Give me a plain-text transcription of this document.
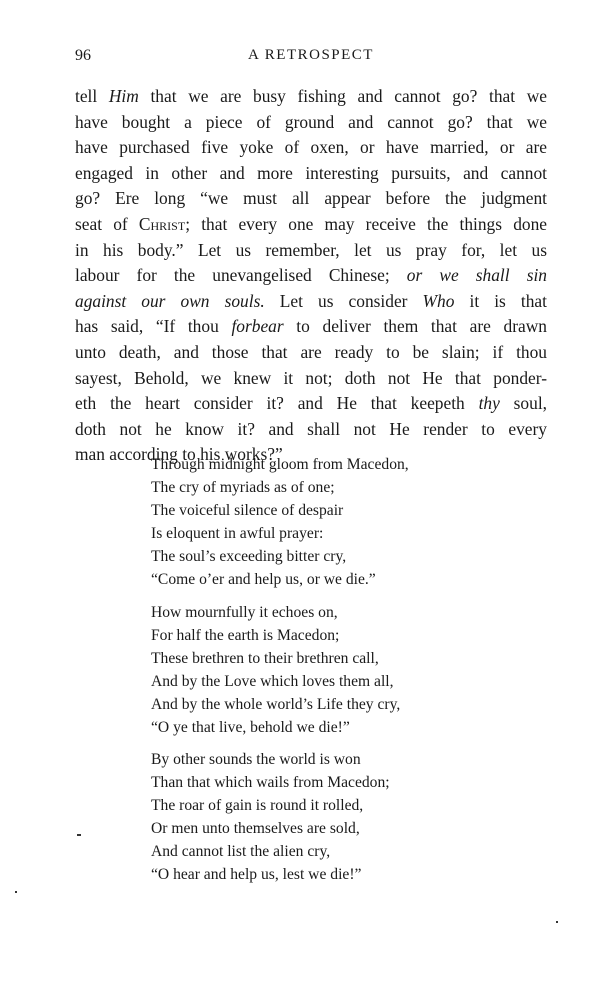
96	A RETROSPECT
tell Him that we are busy fishing and cannot go? that we
have bought a piece of ground and cannot go? that we
have purchased five yoke of oxen, or have married, or are
engaged in other and more interesting pursuits, and cannot
go? Ere long “we must all appear before the judgment
seat of Christ; that every one may receive the things done
in his body.” Let us remember, let us pray for, let us
labour for the unevangelised Chinese; or we shall sin
against our own souls. Let us consider Who it is that
has said, “If thou forbear to deliver them that are drawn
unto death, and those that are ready to be slain; if thou
sayest, Behold, we knew it not; doth not He that ponder-
eth the heart consider it? and He that keepeth thy soul,
doth not he know it? and shall not He render to every
man according to his works?”
Through midnight gloom from Macedon,
The cry of myriads as of one;
The voiceful silence of despair
Is eloquent in awful prayer:
The soul’s exceeding bitter cry,
“Come o’er and help us, or we die.”
How mournfully it echoes on,
For half the earth is Macedon;
These brethren to their brethren call,
And by the Love which loves them all,
And by the whole world’s Life they cry,
“O ye that live, behold we die!”
By other sounds the world is won
Than that which wails from Macedon;
The roar of gain is round it rolled,
Or men unto themselves are sold,
And cannot list the alien cry,
“O hear and help us, lest we die!”
